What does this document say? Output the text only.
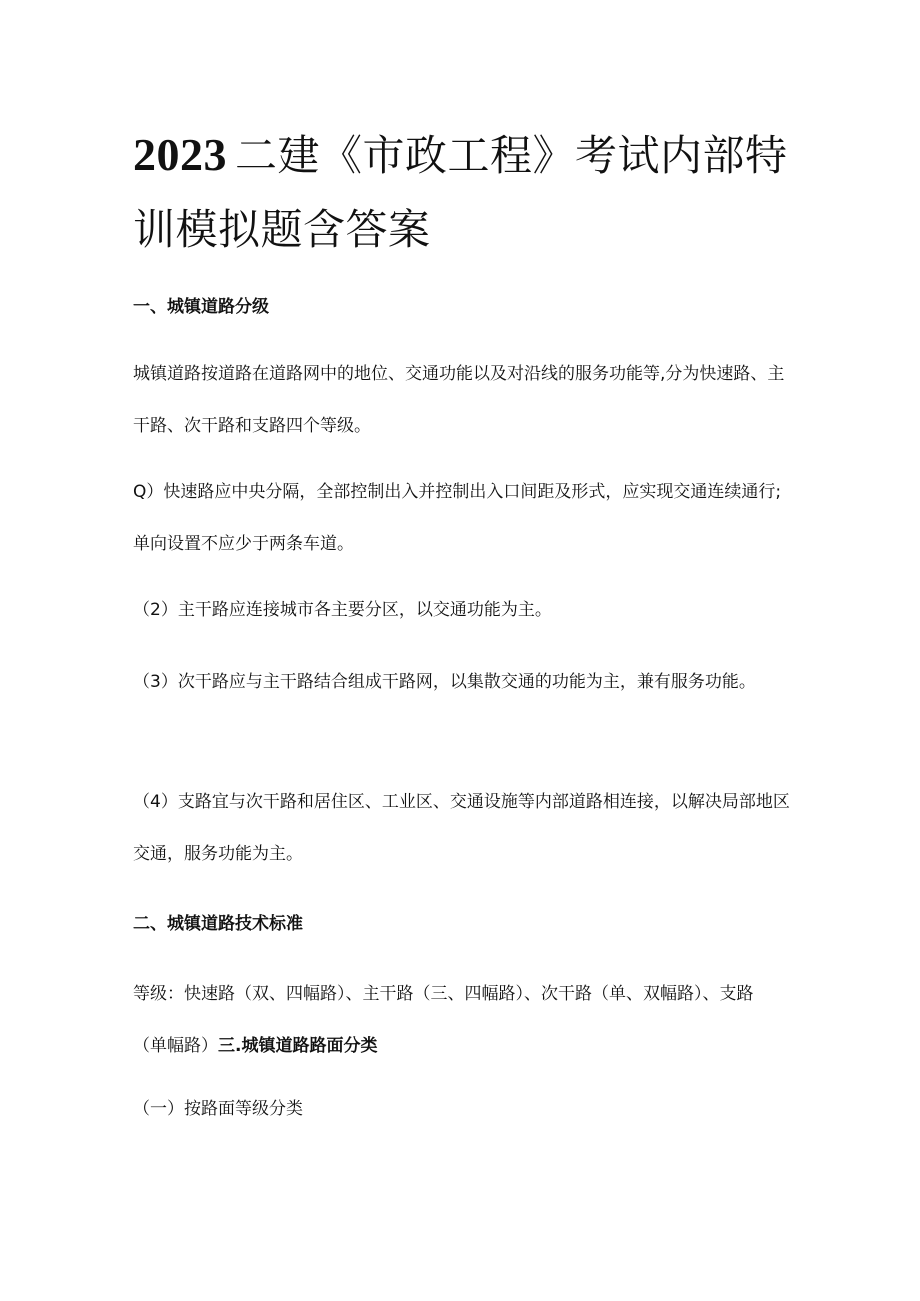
2023 二建《市政工程》考试内部特训模拟题含答案
一、城镇道路分级
城镇道路按道路在道路网中的地位、交通功能以及对沿线的服务功能等,分为快速路、主干路、次干路和支路四个等级。
Q）快速路应中央分隔，全部控制出入并控制出入口间距及形式，应实现交通连续通行;单向设置不应少于两条车道。
（2）主干路应连接城市各主要分区，以交通功能为主。
（3）次干路应与主干路结合组成干路网，以集散交通的功能为主，兼有服务功能。
（4）支路宜与次干路和居住区、工业区、交通设施等内部道路相连接，以解决局部地区交通，服务功能为主。
二、城镇道路技术标准
等级：快速路（双、四幅路）、主干路（三、四幅路）、次干路（单、双幅路）、支路（单幅路）三.城镇道路路面分类
（一）按路面等级分类
